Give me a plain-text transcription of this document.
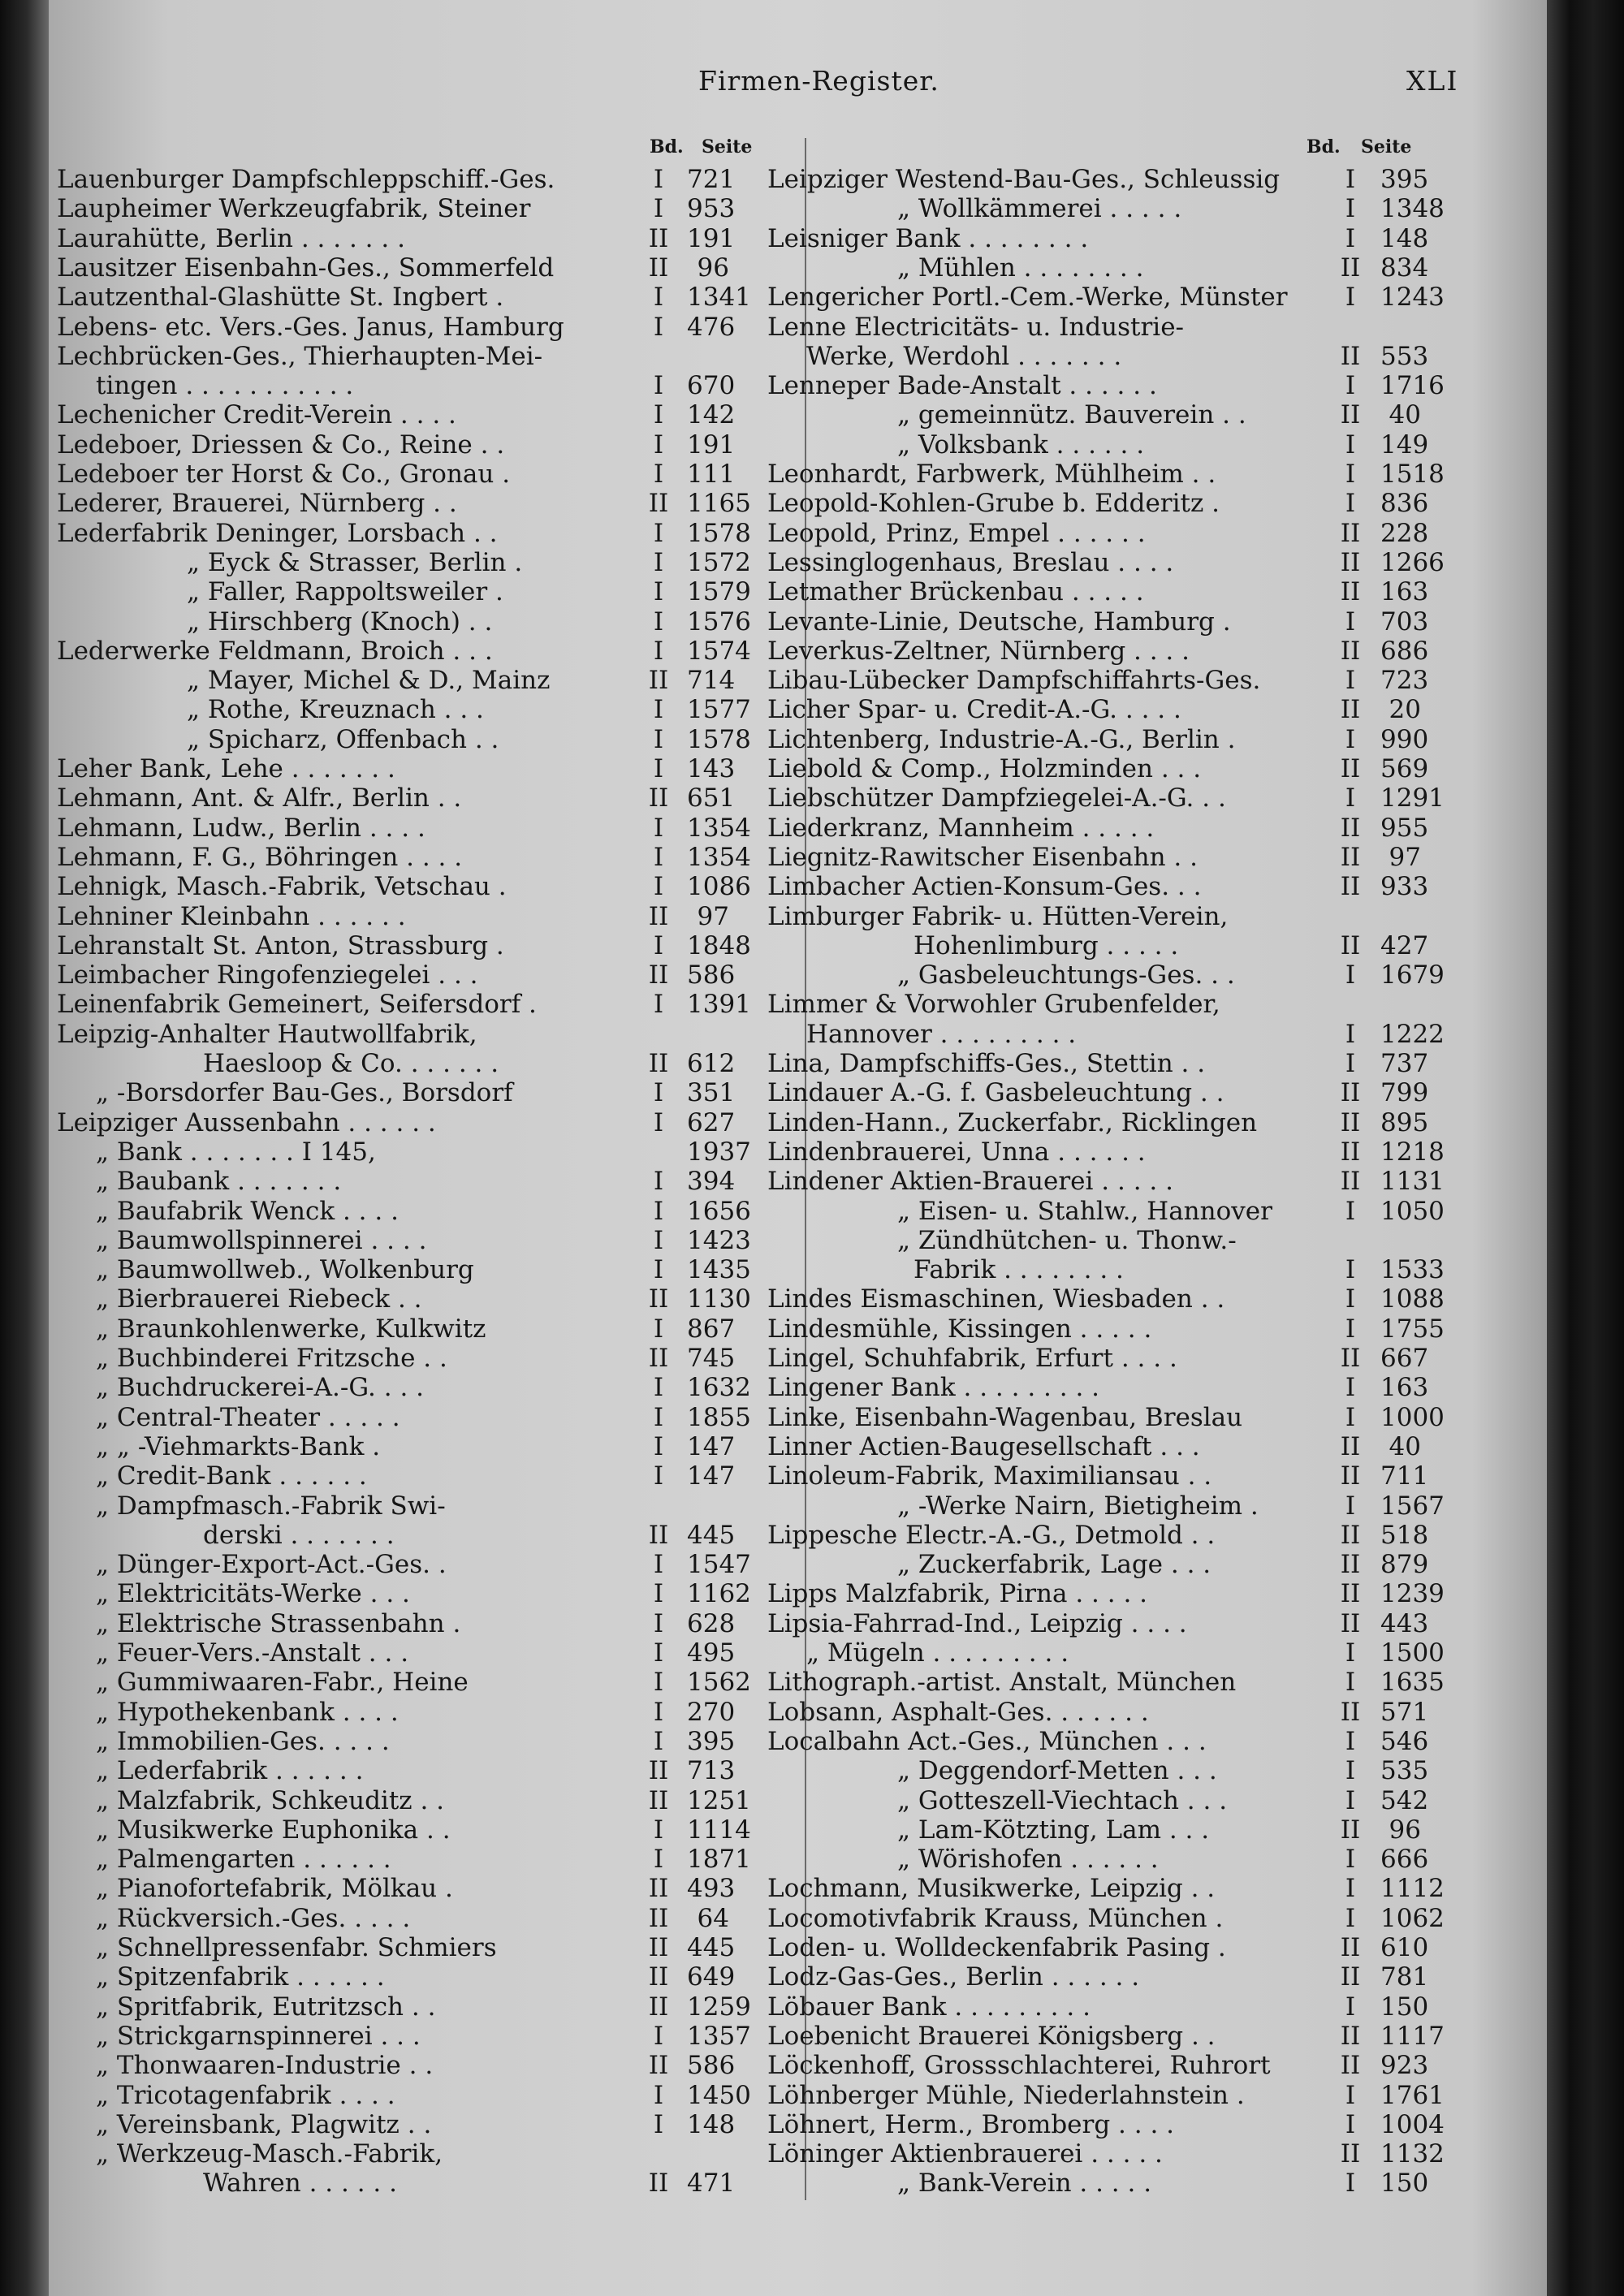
Firmen-Register.	XLI
Bd. Seite	Bd. Seite
Lauenburger Dampfschleppschiff.-Ges.	I 721
Laupheimer Werkzeugfabrik, Steiner	I 953
Laurahütte, Berlin . . . . . . .	II 191
Lausitzer Eisenbahn-Ges., Sommerfeld	II	96
Lautzenthal-Glashütte St. Ingbert .	I 1341
Lebens- etc. Vers.-Ges. Janus, Hamburg	I 476
Lechbrücken-Ges., Thierhaupten-Mei-
tingen . . . . . . . . . . .	I 670
Lechenicher Credit-Verein . . . .	I 142
Ledeboer, Driessen & Co., Reine . .	I 191
Ledeboer ter Horst & Co., Gronau .	I 111
Lederer, Brauerei, Nürnberg . .	II 1165
Lederfabrik Deninger, Lorsbach . .	I 1578
„ Eyck & Strasser, Berlin .	I 1572
„ Faller, Rappoltsweiler .	I 1579
„ Hirschberg (Knoch) . .	I 1576
Lederwerke Feldmann, Broich . . .	I 1574
„ Mayer, Michel & D., Mainz	II 714
„ Rothe, Kreuznach . . .	I 1577
„ Spicharz, Offenbach . .	I 1578
Leher Bank, Lehe . . . . . . .	I 143
Lehmann, Ant. & Alfr., Berlin . .	II 651
Lehmann, Ludw., Berlin . . . .	I 1354
Lehmann, F. G., Böhringen . . . .	I 1354
Lehnigk, Masch.-Fabrik, Vetschau .	I 1086
Lehniner Kleinbahn . . . . . .	II	97
Lehranstalt St. Anton, Strassburg .	I 1848
Leimbacher Ringofenziegelei . . .	II 586
Leinenfabrik Gemeinert, Seifersdorf .	I 1391
Leipzig-Anhalter Hautwollfabrik,
Haesloop & Co. . . . . . .	II 612
„ -Borsdorfer Bau-Ges., Borsdorf	I 351
Leipziger Aussenbahn . . . . . .	I 627
„ Bank . . . . . . . I 145,	1937
„ Baubank . . . . . . .	I 394
„ Baufabrik Wenck . . . .	I 1656
„ Baumwollspinnerei . . . .	I 1423
„ Baumwollweb., Wolkenburg	I 1435
„ Bierbrauerei Riebeck . .	II 1130
„ Braunkohlenwerke, Kulkwitz	I 867
„ Buchbinderei Fritzsche . .	II 745
„ Buchdruckerei-A.-G. . . .	I 1632
„ Central-Theater . . . . .	I 1855
„ „ -Viehmarkts-Bank .	I 147
„ Credit-Bank . . . . . .	I 147
„ Dampfmasch.-Fabrik Swi-
derski . . . . . . .	II 445
„ Dünger-Export-Act.-Ges. .	I 1547
„ Elektricitäts-Werke . . .	I 1162
„ Elektrische Strassenbahn .	I 628
„ Feuer-Vers.-Anstalt . . .	I 495
„ Gummiwaaren-Fabr., Heine	I 1562
„ Hypothekenbank . . . .	I 270
„ Immobilien-Ges. . . . .	I 395
„ Lederfabrik . . . . . .	II 713
„ Malzfabrik, Schkeuditz . .	II 1251
„ Musikwerke Euphonika . .	I 1114
„ Palmengarten . . . . . .	I 1871
„ Pianofortefabrik, Mölkau .	II 493
„ Rückversich.-Ges. . . . .	II	64
„ Schnellpressenfabr. Schmiers	II 445
„ Spitzenfabrik . . . . . .	II 649
„ Spritfabrik, Eutritzsch . .	II 1259
„ Strickgarnspinnerei . . .	I 1357
„ Thonwaaren-Industrie . .	II 586
„ Tricotagenfabrik . . . .	I 1450
„ Vereinsbank, Plagwitz . .	I 148
„ Werkzeug-Masch.-Fabrik,
Wahren . . . . . .	II 471
Leipziger Westend-Bau-Ges., Schleussig	I 395
„ Wollkämmerei . . . . .	I 1348
Leisniger Bank . . . . . . . .	I 148
„ Mühlen . . . . . . . .	II 834
Lengericher Portl.-Cem.-Werke, Münster	I 1243
Lenne Electricitäts- u. Industrie-
Werke, Werdohl . . . . . . .	II 553
Lenneper Bade-Anstalt . . . . . .	I 1716
„ gemeinnütz. Bauverein . .	II	40
„ Volksbank . . . . . .	I 149
Leonhardt, Farbwerk, Mühlheim . .	I 1518
Leopold-Kohlen-Grube b. Edderitz .	I 836
Leopold, Prinz, Empel . . . . . .	II 228
Lessinglogenhaus, Breslau . . . .	II 1266
Letmather Brückenbau . . . . .	II 163
Levante-Linie, Deutsche, Hamburg .	I 703
Leverkus-Zeltner, Nürnberg . . . .	II 686
Libau-Lübecker Dampfschiffahrts-Ges.	I 723
Licher Spar- u. Credit-A.-G. . . . .	II	20
Lichtenberg, Industrie-A.-G., Berlin .	I 990
Liebold & Comp., Holzminden . . .	II 569
Liebschützer Dampfziegelei-A.-G. . .	I 1291
Liederkranz, Mannheim . . . . .	II 955
Liegnitz-Rawitscher Eisenbahn . .	II	97
Limbacher Actien-Konsum-Ges. . .	II 933
Limburger Fabrik- u. Hütten-Verein,
Hohenlimburg . . . . .	II 427
„ Gasbeleuchtungs-Ges. . .	I 1679
Limmer & Vorwohler Grubenfelder,
Hannover . . . . . . . . .	I 1222
Lina, Dampfschiffs-Ges., Stettin . .	I 737
Lindauer A.-G. f. Gasbeleuchtung . .	II 799
Linden-Hann., Zuckerfabr., Ricklingen	II 895
Lindenbrauerei, Unna . . . . . .	II 1218
Lindener Aktien-Brauerei . . . . .	II 1131
„ Eisen- u. Stahlw., Hannover	I 1050
„ Zündhütchen- u. Thonw.-
Fabrik . . . . . . . .	I 1533
Lindes Eismaschinen, Wiesbaden . .	I 1088
Lindesmühle, Kissingen . . . . .	I 1755
Lingel, Schuhfabrik, Erfurt . . . .	II 667
Lingener Bank . . . . . . . . .	I 163
Linke, Eisenbahn-Wagenbau, Breslau	I 1000
Linner Actien-Baugesellschaft . . .	II	40
Linoleum-Fabrik, Maximiliansau . .	II 711
„ -Werke Nairn, Bietigheim .	I 1567
Lippesche Electr.-A.-G., Detmold . .	II 518
„ Zuckerfabrik, Lage . . .	II 879
Lipps Malzfabrik, Pirna . . . . .	II 1239
Lipsia-Fahrrad-Ind., Leipzig . . . .	II 443
„ Mügeln . . . . . . . . .	I 1500
Lithograph.-artist. Anstalt, München	I 1635
Lobsann, Asphalt-Ges. . . . . . .	II 571
Localbahn Act.-Ges., München . . .	I 546
„ Deggendorf-Metten . . .	I 535
„ Gotteszell-Viechtach . . .	I 542
„ Lam-Kötzting, Lam . . .	II	96
„ Wörishofen . . . . . .	I 666
Lochmann, Musikwerke, Leipzig . .	I 1112
Locomotivfabrik Krauss, München .	I 1062
Loden- u. Wolldeckenfabrik Pasing .	II 610
Lodz-Gas-Ges., Berlin . . . . . .	II 781
Löbauer Bank . . . . . . . . .	I 150
Loebenicht Brauerei Königsberg . .	II 1117
Löckenhoff, Grossschlachterei, Ruhrort	II 923
Löhnberger Mühle, Niederlahnstein .	I 1761
Löhnert, Herm., Bromberg . . . .	I 1004
Löninger Aktienbrauerei . . . . .	II 1132
„ Bank-Verein . . . . .	I 150
